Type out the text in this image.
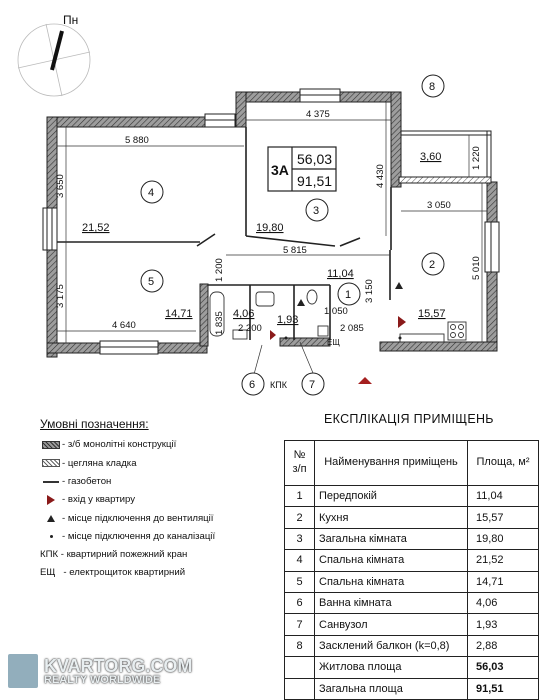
Пн
5 880
4 375
3 650
3 175
4 430
1 220
3 050
5 010
5 815
1 200
4 640	1 835 2 200
1 050
2 085
3 150
4
21,52
5
14,71
3
19,80
2
15,57
1
11,04
4,06 1,93
8
3,60
3А
56,03
91,51
ЕЩ
6	7
КПК
Умовні позначення:
- з/б монолітні конструкції
- цегляна кладка
- газобетон
- вхід у квартиру
- місце підключення до вентиляції
- місце підключення до каналізації
КПК - квартирний пожежний кран
ЕЩ   - електрощиток квартирний
ЕКСПЛІКАЦІЯ ПРИМІЩЕНЬ
№ з/п	Найменування приміщень	Площа, м²
1	Передпокій	11,04
2	Кухня	15,57
3	Загальна кімната	19,80
4	Спальна кімната	21,52
5	Спальна кімната	14,71
6	Ванна кімната	4,06
7	Санвузол	1,93
8	Засклений балкон (k=0,8)	2,88
	Житлова площа	56,03
	Загальна площа	91,51
KVARTORG.COM
REALTY WORLDWIDE
